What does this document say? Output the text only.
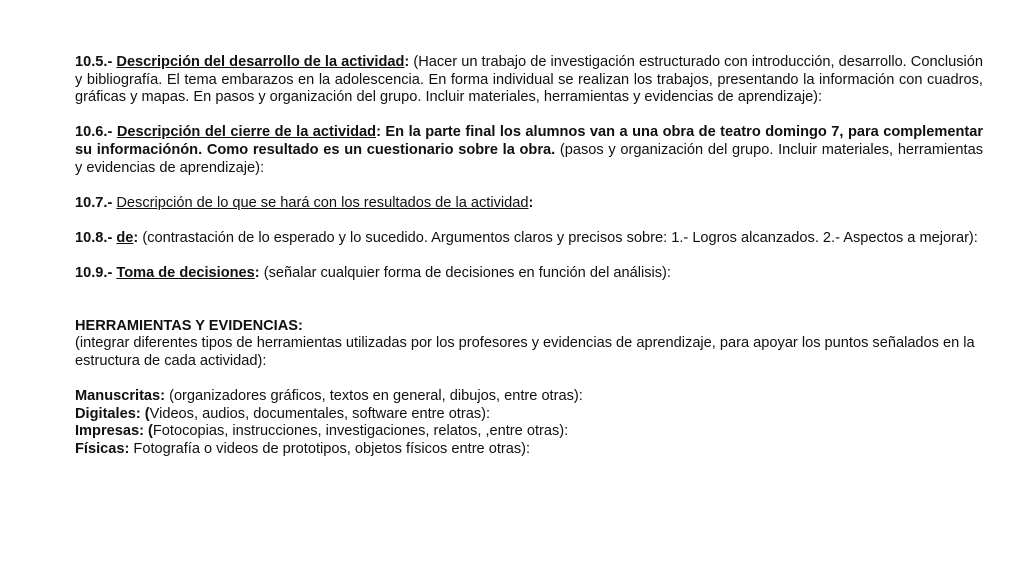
10.5.- Descripción del desarrollo de la actividad: (Hacer un trabajo de investigación estructurado con introducción, desarrollo. Conclusión y bibliografía. El tema embarazos en la adolescencia. En forma individual se realizan los trabajos, presentando la información con cuadros, gráficas y mapas. En pasos y organización del grupo. Incluir materiales, herramientas y evidencias de aprendizaje):

10.6.- Descripción del cierre de la actividad: En la parte final los alumnos van a una obra de teatro domingo 7, para complementar su informaciónón. Como resultado es un cuestionario sobre la obra. (pasos y organización del grupo. Incluir materiales, herramientas y evidencias de aprendizaje):

10.7.- Descripción de lo que se hará con los resultados de la actividad:

10.8.- de: (contrastación de lo esperado y lo sucedido. Argumentos claros y precisos sobre: 1.- Logros alcanzados. 2.- Aspectos a mejorar):

10.9.- Toma de decisiones: (señalar cualquier forma de decisiones en función del análisis):

HERRAMIENTAS Y EVIDENCIAS:

(integrar diferentes tipos de herramientas utilizadas por los profesores y evidencias de aprendizaje, para apoyar los puntos señalados en la estructura de cada actividad):

Manuscritas: (organizadores gráficos, textos en general, dibujos, entre otras):

Digitales: (Videos, audios, documentales, software entre otras):

Impresas: (Fotocopias, instrucciones, investigaciones, relatos, ,entre otras):

Físicas: Fotografía o videos de prototipos, objetos físicos entre otras):
